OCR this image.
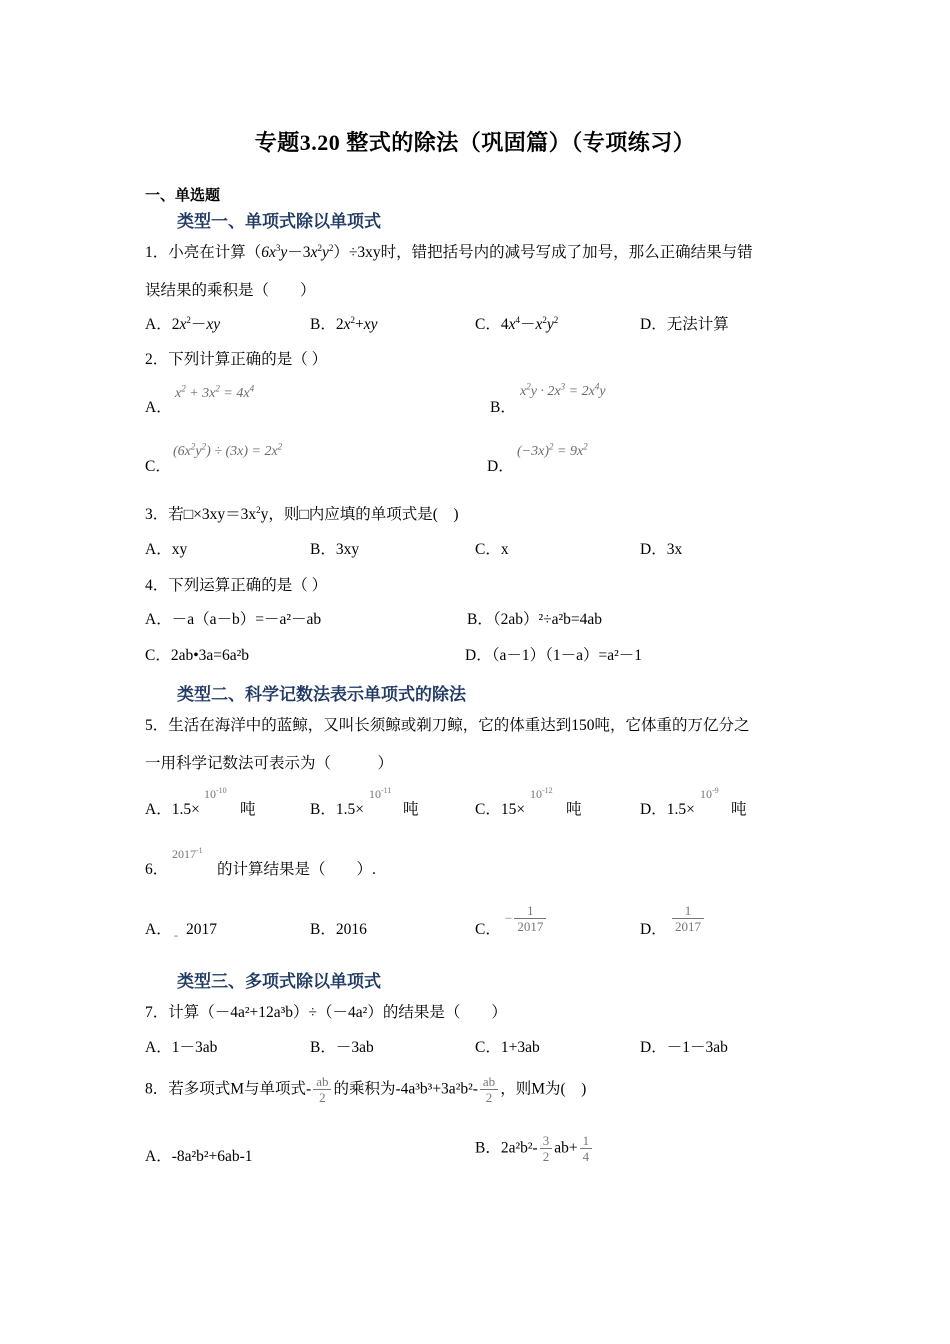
专题3.20 整式的除法（巩固篇）（专项练习）
一、单选题
类型一、单项式除以单项式
1．小亮在计算$(6x^3y-3x^2y^2)\div 3xy$时，错把括号内的减号写成了加号，那么正确结果与错
误结果的乘积是（　　）
A．$2x^2-xy$	B．$2x^2+xy$	C．$4x^4-x^2y^2$	D．无法计算
2．下列计算正确的是（ ）
A．
$x^2 + 3x^2 = 4x^4$
B．
$x^2y \cdot 2x^3 = 2x^4y$
C．
$(6x^2y^2) \div (3x) = 2x^2$
D．
$(-3x)^2 = 9x^2$
3．若$□\times 3xy=3x^2y$，则□内应填的单项式是(　)
A．xy	B．3xy	C．x	D．3x
4．下列运算正确的是（ ）
A．－a（a－b）=－a²－ab	B．（2ab）²÷a²b=4ab
C．2ab•3a=6a²b	D．（a－1）（1－a）=a²－1
类型二、科学记数法表示单项式的除法
5．生活在海洋中的蓝鲸，又叫长须鲸或剃刀鲸，它的体重达到150吨，它体重的万亿分之
一用科学记数法可表示为（　　　）
A．1.5×
$10^{-10}$
吨	B．1.5×
$10^{-11}$
吨	C．15×
$10^{-12}$
吨	D．1.5×
$10^{-9}$
吨
6．
$2017^{-1}$
的计算结果是（　　）.
A． - 2017	B．2016	C．
− $\frac{1}{2017}$	D． $\frac{1}{2017}$
类型三、多项式除以单项式
7．计算（－4a²+12a³b）÷（－4a²）的结果是（　　）
A．1－3ab	B．－3ab	C．1+3ab	D．－1－3ab
8．若多项式M与单项式- $\frac{ab}{2}$ 的乘积为$-4a^3b^3+3a^2b^2- \frac{ab}{2}$ ，则M为(　)
A．-8a²b²+6ab-1	B．$2a^2b^2- \frac{3}{2} ab+ \frac{1}{4}$
